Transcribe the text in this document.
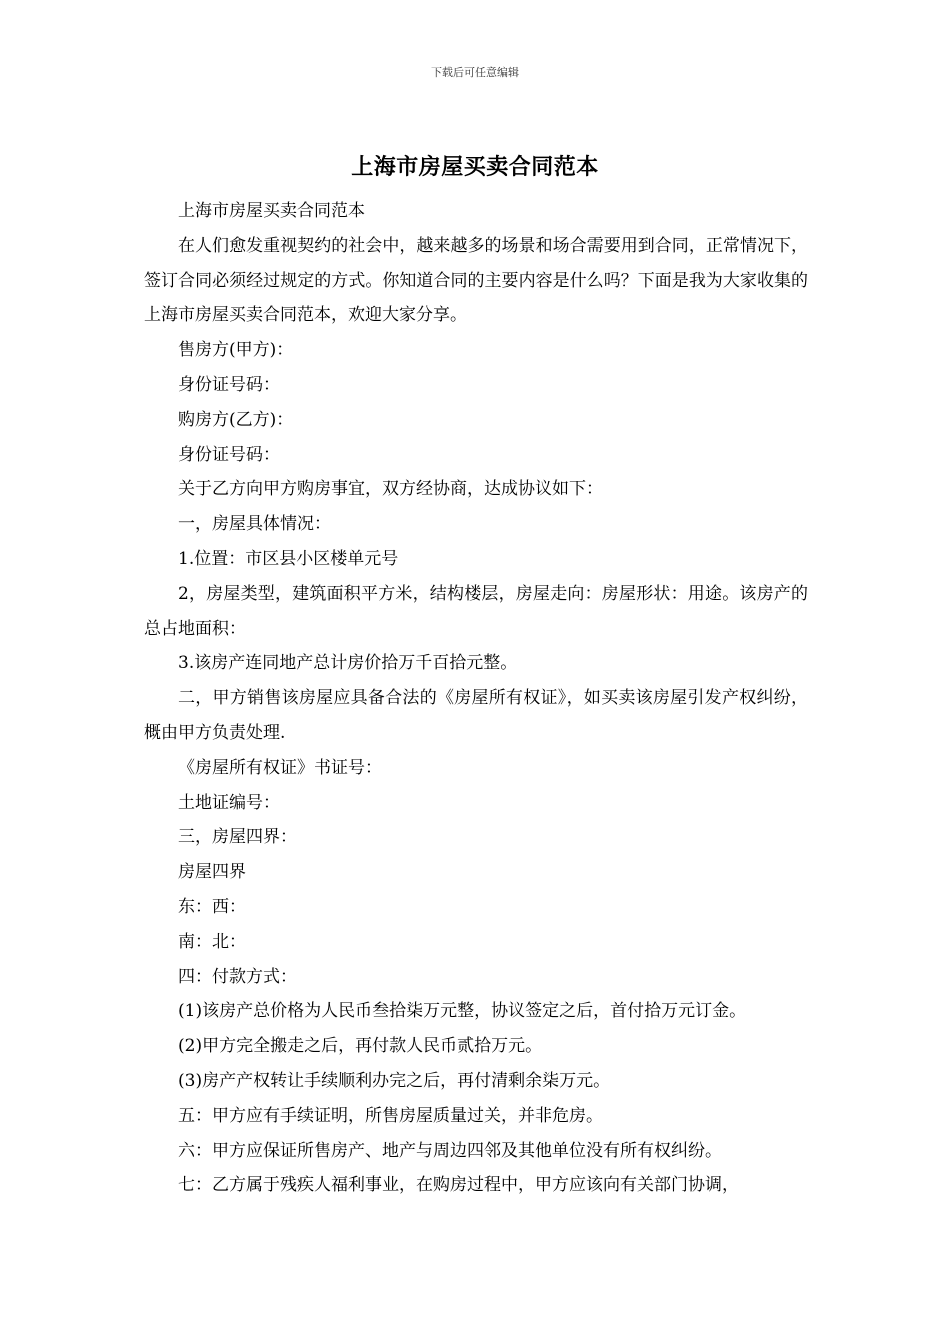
下载后可任意编辑
上海市房屋买卖合同范本

上海市房屋买卖合同范本

在人们愈发重视契约的社会中，越来越多的场景和场合需要用到合同，正常情况下，签订合同必须经过规定的方式。你知道合同的主要内容是什么吗？下面是我为大家收集的上海市房屋买卖合同范本，欢迎大家分享。

售房方(甲方)：

身份证号码：

购房方(乙方)：

身份证号码：

关于乙方向甲方购房事宜，双方经协商，达成协议如下：

一，房屋具体情况：

1.位置：市区县小区楼单元号

2，房屋类型，建筑面积平方米，结构楼层，房屋走向：房屋形状：用途。该房产的总占地面积：

3.该房产连同地产总计房价拾万千百拾元整。

二，甲方销售该房屋应具备合法的《房屋所有权证》，如买卖该房屋引发产权纠纷，概由甲方负责处理.

《房屋所有权证》书证号：

土地证编号：

三，房屋四界：

房屋四界

东：西：

南：北：

四：付款方式：

(1)该房产总价格为人民币叁拾柒万元整，协议签定之后，首付拾万元订金。

(2)甲方完全搬走之后，再付款人民币贰拾万元。

(3)房产产权转让手续顺利办完之后，再付清剩余柒万元。

五：甲方应有手续证明，所售房屋质量过关，并非危房。

六：甲方应保证所售房产、地产与周边四邻及其他单位没有所有权纠纷。

七：乙方属于残疾人福利事业，在购房过程中，甲方应该向有关部门协调，
